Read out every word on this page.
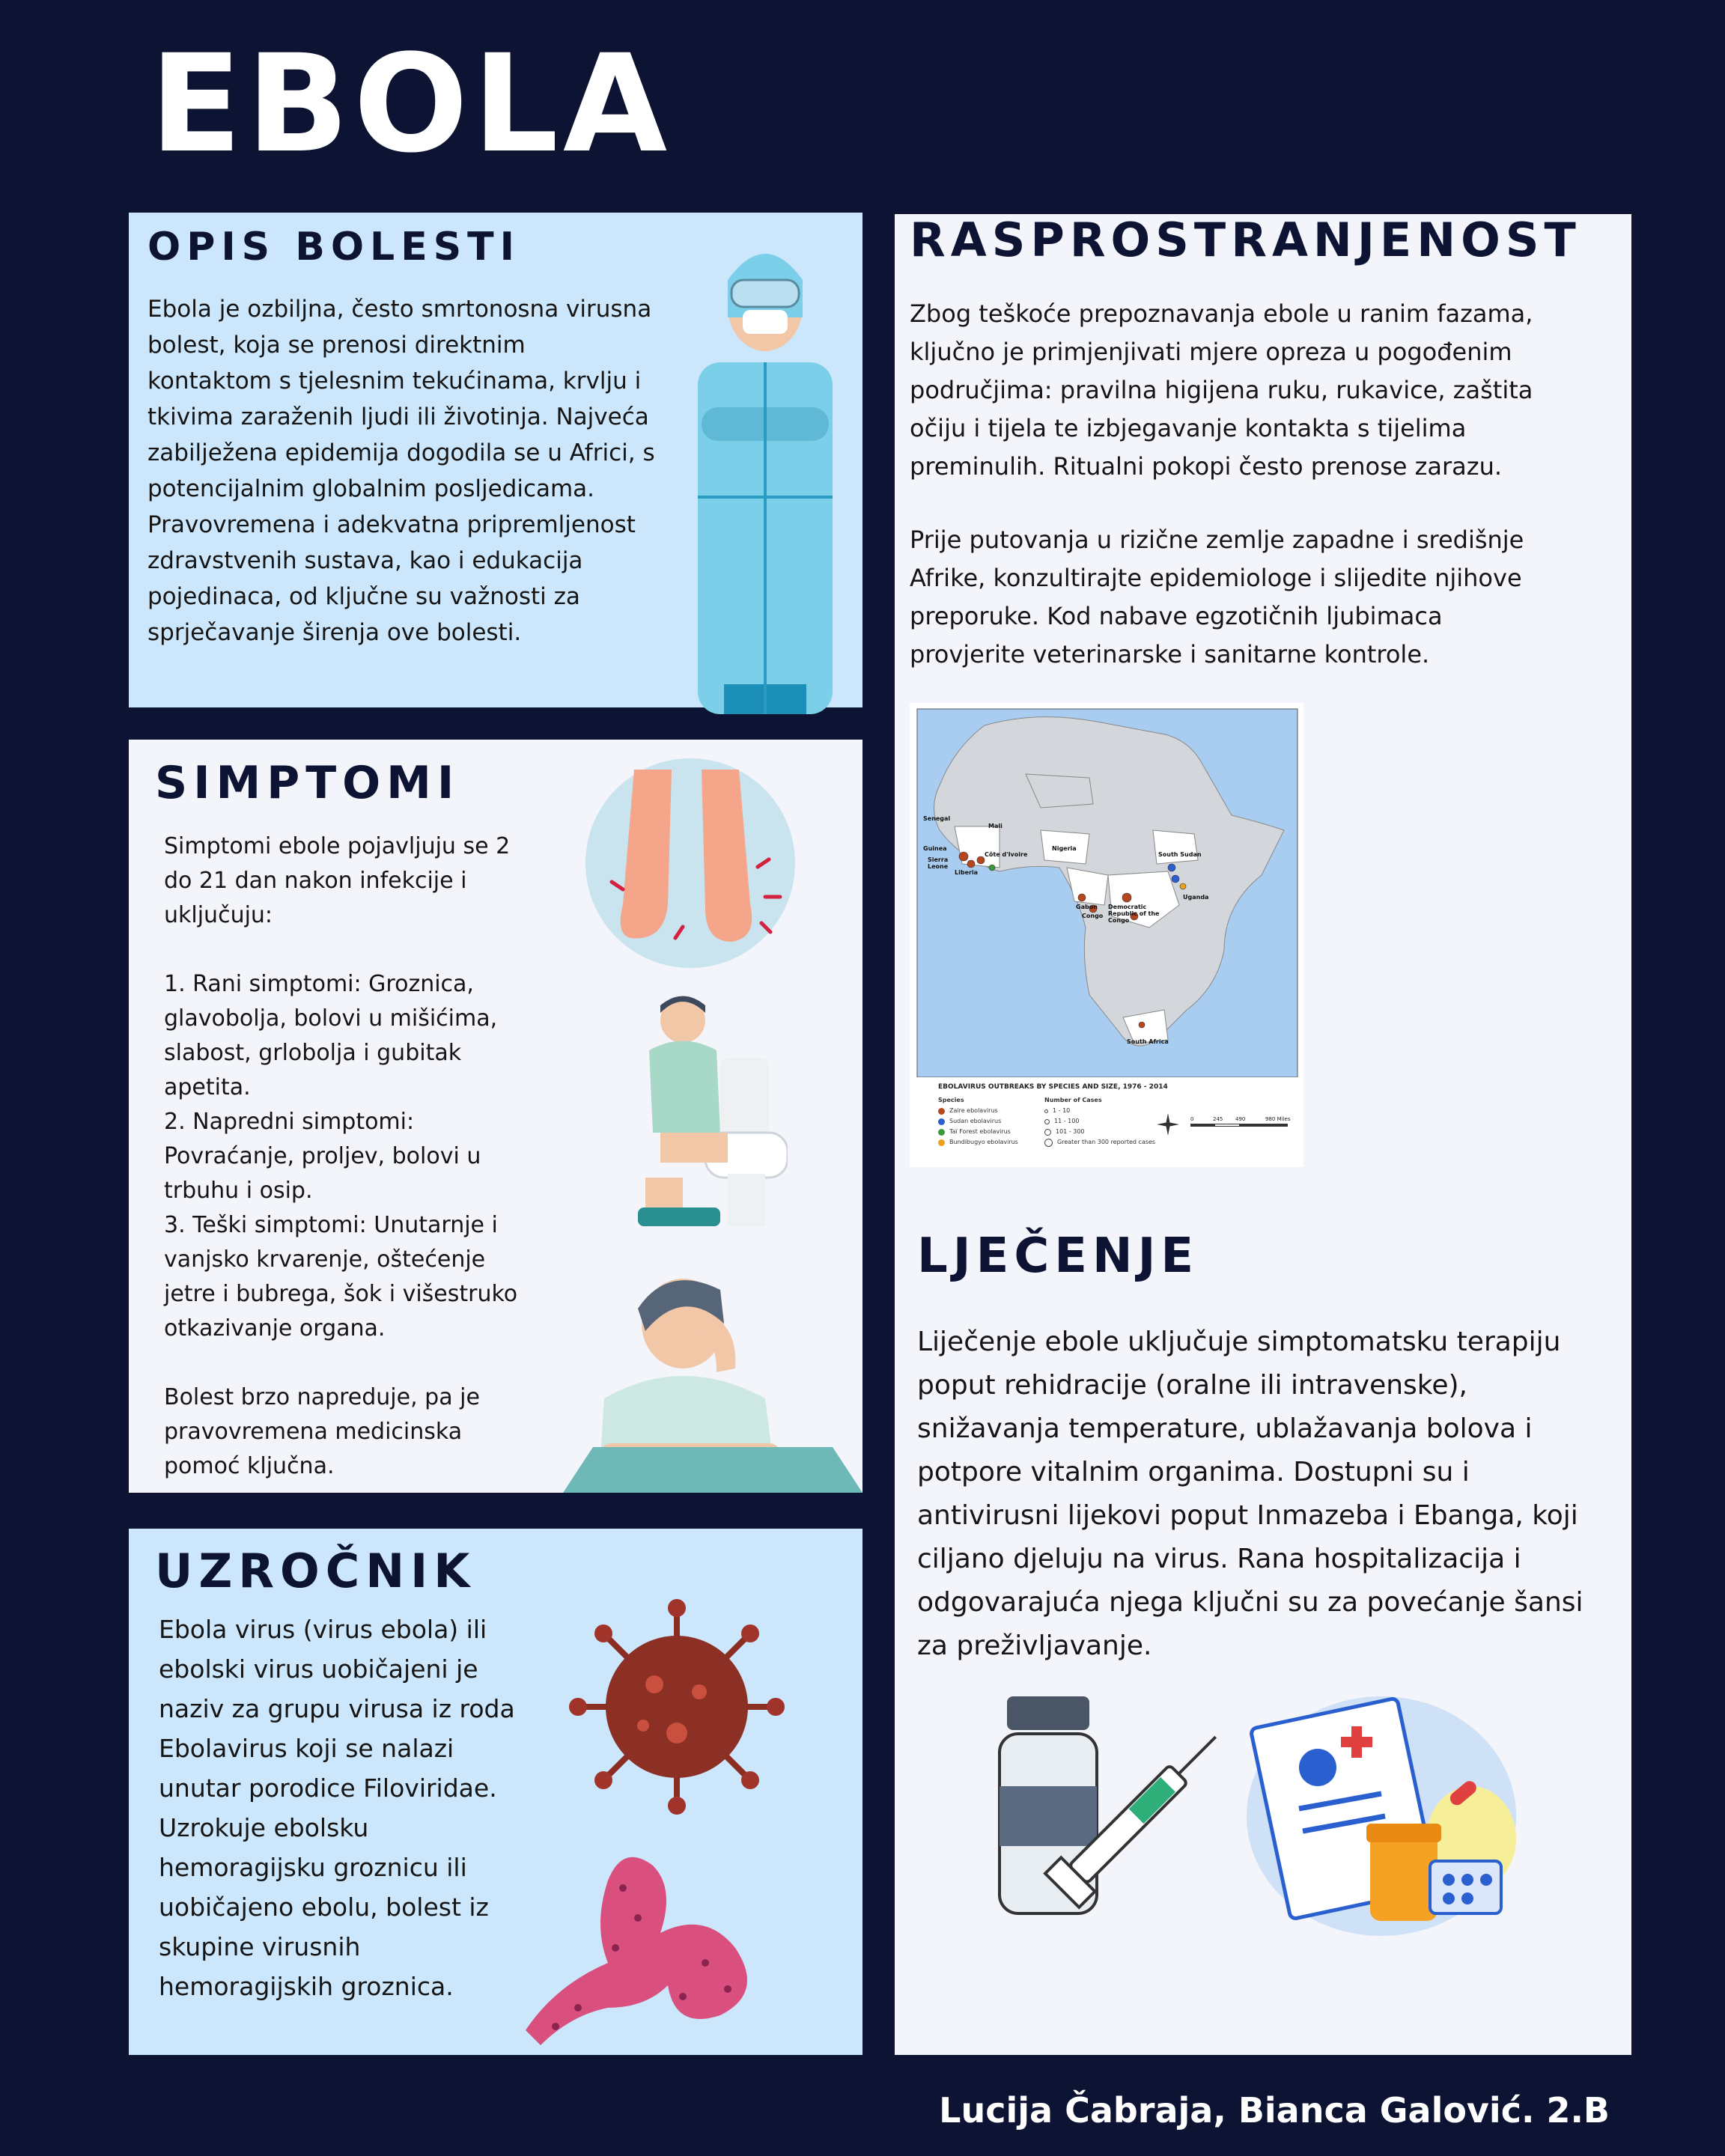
EBOLA
OPIS BOLESTI

Ebola je ozbiljna, često smrtonosna virusna
bolest, koja se prenosi direktnim
kontaktom s tjelesnim tekućinama, krvlju i
tkivima zaraženih ljudi ili životinja. Najveća
zabilježena epidemija dogodila se u Africi, s
potencijalnim globalnim posljedicama.
Pravovremena i adekvatna pripremljenost
zdravstvenih sustava, kao i edukacija
pojedinaca, od ključne su važnosti za
sprječavanje širenja ove bolesti.

SIMPTOMI

Simptomi ebole pojavljuju se 2
do 21 dan nakon infekcije i
uključuju:

1. Rani simptomi: Groznica,
glavobolja, bolovi u mišićima,
slabost, grlobolja i gubitak
apetita.
2. Napredni simptomi:
Povraćanje, proljev, bolovi u
trbuhu i osip.
3. Teški simptomi: Unutarnje i
vanjsko krvarenje, oštećenje
jetre i bubrega, šok i višestruko
otkazivanje organa.

Bolest brzo napreduje, pa je
pravovremena medicinska
pomoć ključna.

UZROČNIK

Ebola virus (virus ebola) ili
ebolski virus uobičajeni je
naziv za grupu virusa iz roda
Ebolavirus koji se nalazi
unutar porodice Filoviridae.
Uzrokuje ebolsku
hemoragijsku groznicu ili
uobičajeno ebolu, bolest iz
skupine virusnih
hemoragijskih groznica.

RASPROSTRANJENOST

Zbog teškoće prepoznavanja ebole u ranim fazama,
ključno je primjenjivati mjere opreza u pogođenim
područjima: pravilna higijena ruku, rukavice, zaštita
očiju i tijela te izbjegavanje kontakta s tijelima
preminulih. Ritualni pokopi često prenose zarazu.

Prije putovanja u rizične zemlje zapadne i središnje
Afrike, konzultirajte epidemiologe i slijedite njihove
preporuke. Kod nabave egzotičnih ljubimaca
provjerite veterinarske i sanitarne kontrole.

Senegal
Mali
Guinea
Sierra Leone
Liberia
Côte d'Ivoire
Nigeria
South Sudan
Gabon
Congo
Democratic Republic of the Congo
Uganda
South Africa
EBOLAVIRUS OUTBREAKS BY SPECIES AND SIZE, 1976 - 2014
Species
Zaire ebolavirus
Sudan ebolavirus
Taï Forest ebolavirus
Bundibugyo ebolavirus
Number of Cases
1 - 10
11 - 100
101 - 300
Greater than 300 reported cases
0	245 490	980 Miles
LJEČENJE

Liječenje ebole uključuje simptomatsku terapiju
poput rehidracije (oralne ili intravenske),
snižavanja temperature, ublažavanja bolova i
potpore vitalnim organima. Dostupni su i
antivirusni lijekovi poput Inmazeba i Ebanga, koji
ciljano djeluju na virus. Rana hospitalizacija i
odgovarajuća njega ključni su za povećanje šansi
za preživljavanje.

Lucija Čabraja, Bianca Galović. 2.B
